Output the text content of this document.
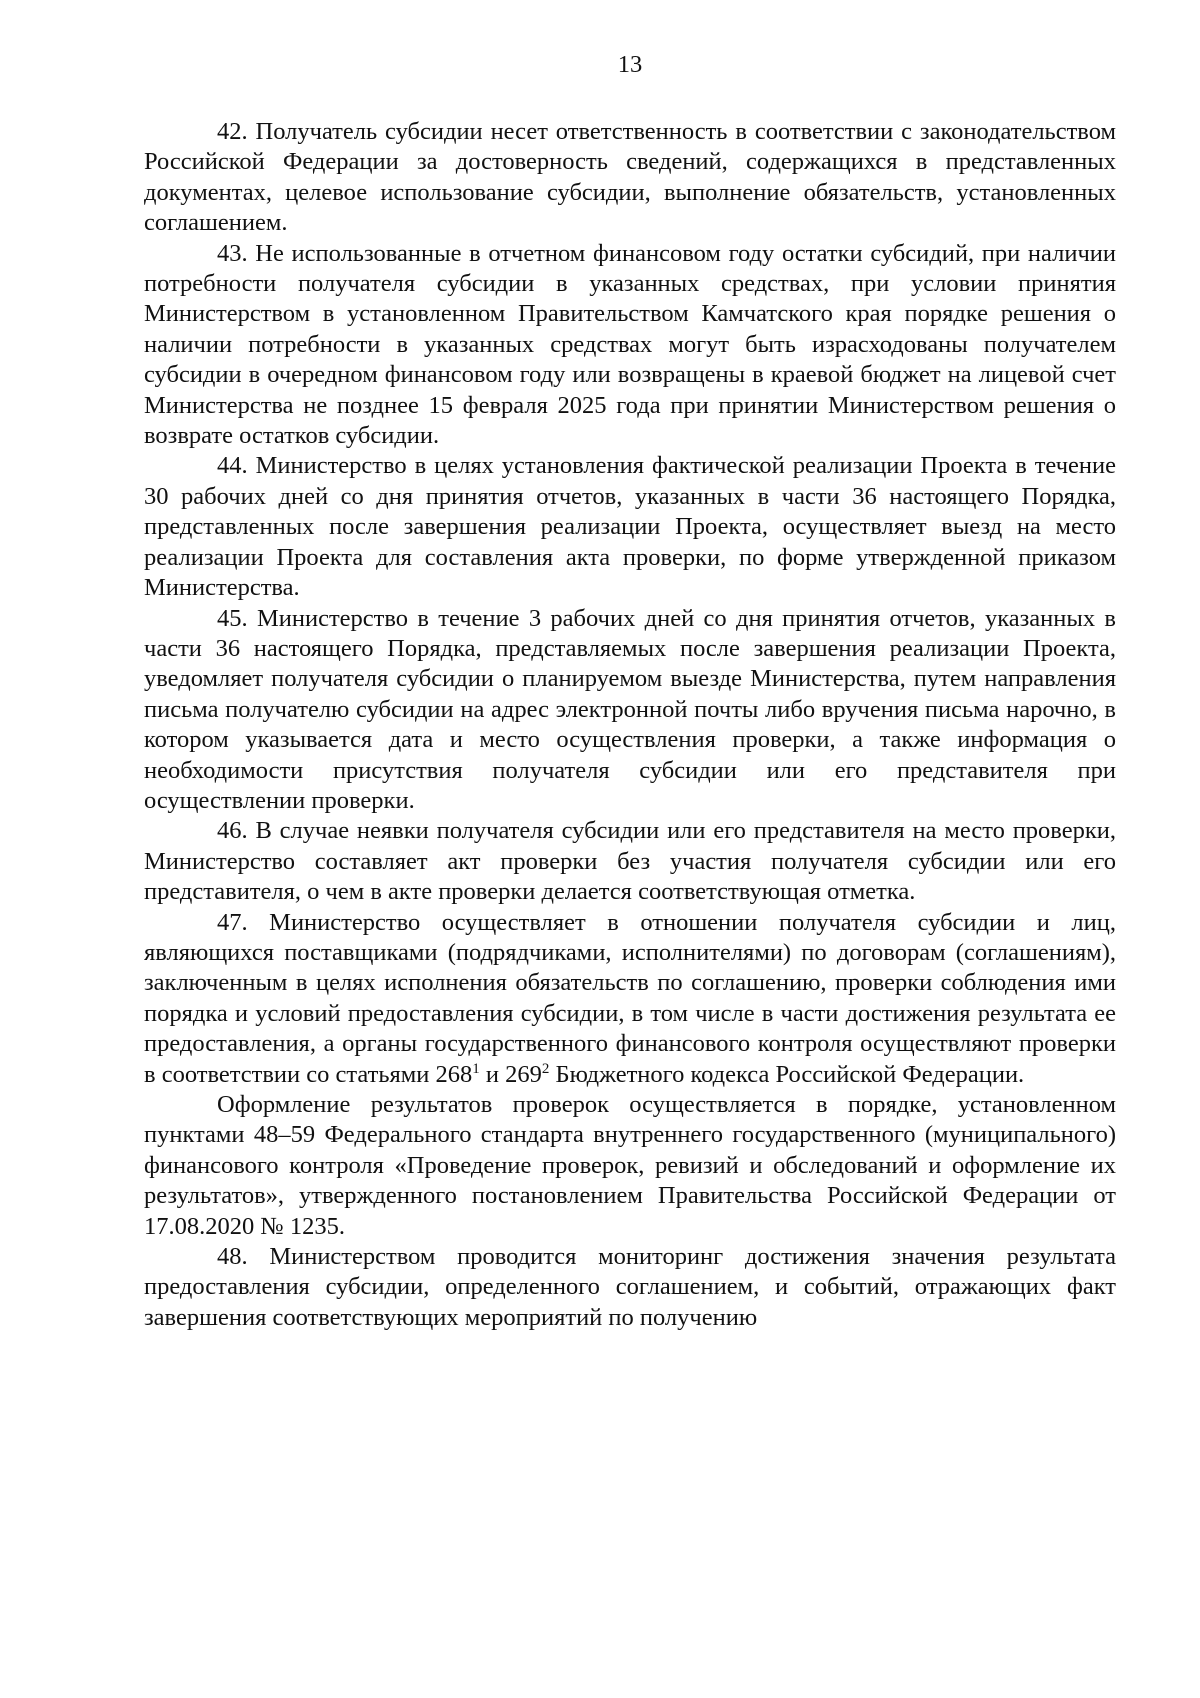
13

42. Получатель субсидии несет ответственность в соответствии с законодательством Российской Федерации за достоверность сведений, содержащихся в представленных документах, целевое использование субсидии, выполнение обязательств, установленных соглашением.

43. Не использованные в отчетном финансовом году остатки субсидий, при наличии потребности получателя субсидии в указанных средствах, при условии принятия Министерством в установленном Правительством Камчатского края порядке решения о наличии потребности в указанных средствах могут быть израсходованы получателем субсидии в очередном финансовом году или возвращены в краевой бюджет на лицевой счет Министерства не позднее 15 февраля 2025 года при принятии Министерством решения о возврате остатков субсидии.

44. Министерство в целях установления фактической реализации Проекта в течение 30 рабочих дней со дня принятия отчетов, указанных в части 36 настоящего Порядка, представленных после завершения реализации Проекта, осуществляет выезд на место реализации Проекта для составления акта проверки, по форме утвержденной приказом Министерства.

45. Министерство в течение 3 рабочих дней со дня принятия отчетов, указанных в части 36 настоящего Порядка, представляемых после завершения реализации Проекта, уведомляет получателя субсидии о планируемом выезде Министерства, путем направления письма получателю субсидии на адрес электронной почты либо вручения письма нарочно, в котором указывается дата и место осуществления проверки, а также информация о необходимости присутствия получателя субсидии или его представителя при осуществлении проверки.

46. В случае неявки получателя субсидии или его представителя на место проверки, Министерство составляет акт проверки без участия получателя субсидии или его представителя, о чем в акте проверки делается соответствующая отметка.

47. Министерство осуществляет в отношении получателя субсидии и лиц, являющихся поставщиками (подрядчиками, исполнителями) по договорам (соглашениям), заключенным в целях исполнения обязательств по соглашению, проверки соблюдения ими порядка и условий предоставления субсидии, в том числе в части достижения результата ее предоставления, а органы государственного финансового контроля осуществляют проверки в соответствии со статьями $268^1$ и $269^2$ Бюджетного кодекса Российской Федерации.

Оформление результатов проверок осуществляется в порядке, установленном пунктами 48–59 Федерального стандарта внутреннего государственного (муниципального) финансового контроля «Проведение проверок, ревизий и обследований и оформление их результатов», утвержденного постановлением Правительства Российской Федерации от 17.08.2020 № 1235.

48. Министерством проводится мониторинг достижения значения результата предоставления субсидии, определенного соглашением, и событий, отражающих факт завершения соответствующих мероприятий по получению
